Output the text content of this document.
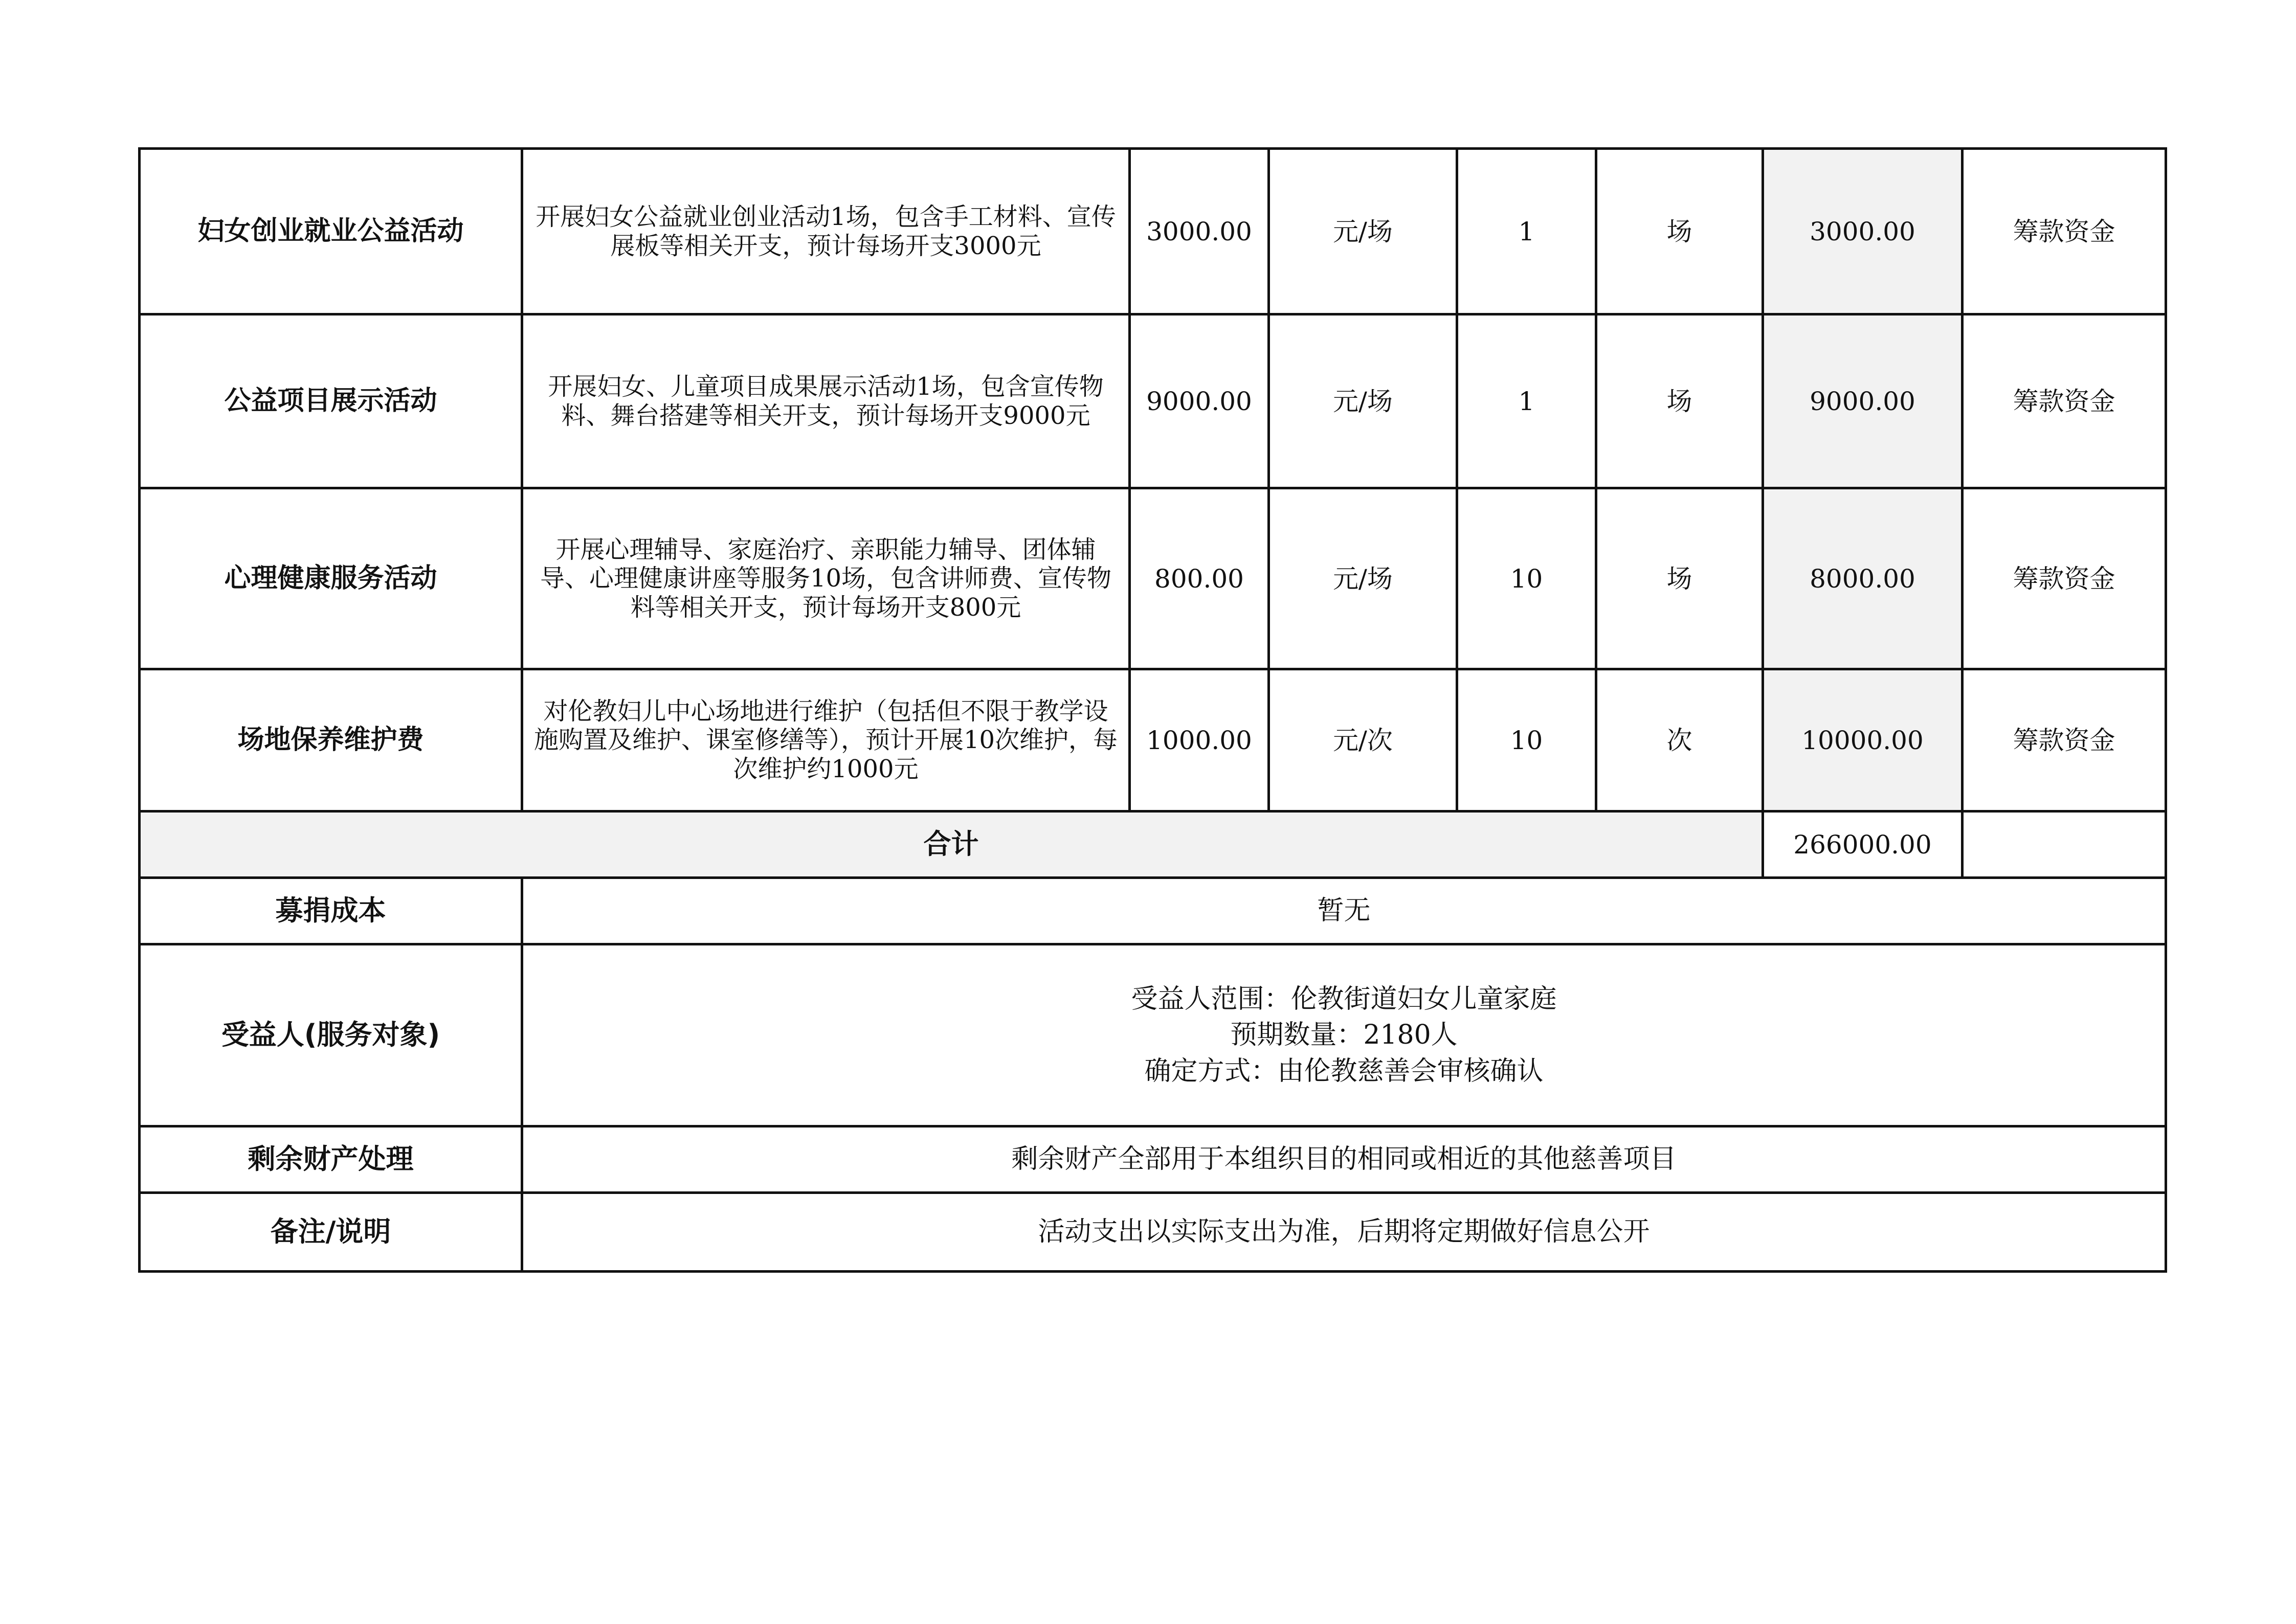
妇女创业就业公益活动	开展妇女公益就业创业活动1场，包含手工材料、宣传展板等相关开支，预计每场开支3000元	3000.00	元/场	1	场	3000.00	筹款资金
公益项目展示活动	开展妇女、儿童项目成果展示活动1场，包含宣传物料、舞台搭建等相关开支，预计每场开支9000元	9000.00	元/场	1	场	9000.00	筹款资金
心理健康服务活动	开展心理辅导、家庭治疗、亲职能力辅导、团体辅导、心理健康讲座等服务10场，包含讲师费、宣传物料等相关开支，预计每场开支800元	800.00	元/场	10	场	8000.00	筹款资金
场地保养维护费	对伦教妇儿中心场地进行维护（包括但不限于教学设施购置及维护、课室修缮等），预计开展10次维护，每次维护约1000元	1000.00	元/次	10	次	10000.00	筹款资金
合计						266000.00	
募捐成本	暂无						
受益人(服务对象)	受益人范围：伦教街道妇女儿童家庭
预期数量：2180人
确定方式：由伦教慈善会审核确认						

剩余财产处理	剩余财产全部用于本组织目的相同或相近的其他慈善项目						
备注/说明	活动支出以实际支出为准，后期将定期做好信息公开						
